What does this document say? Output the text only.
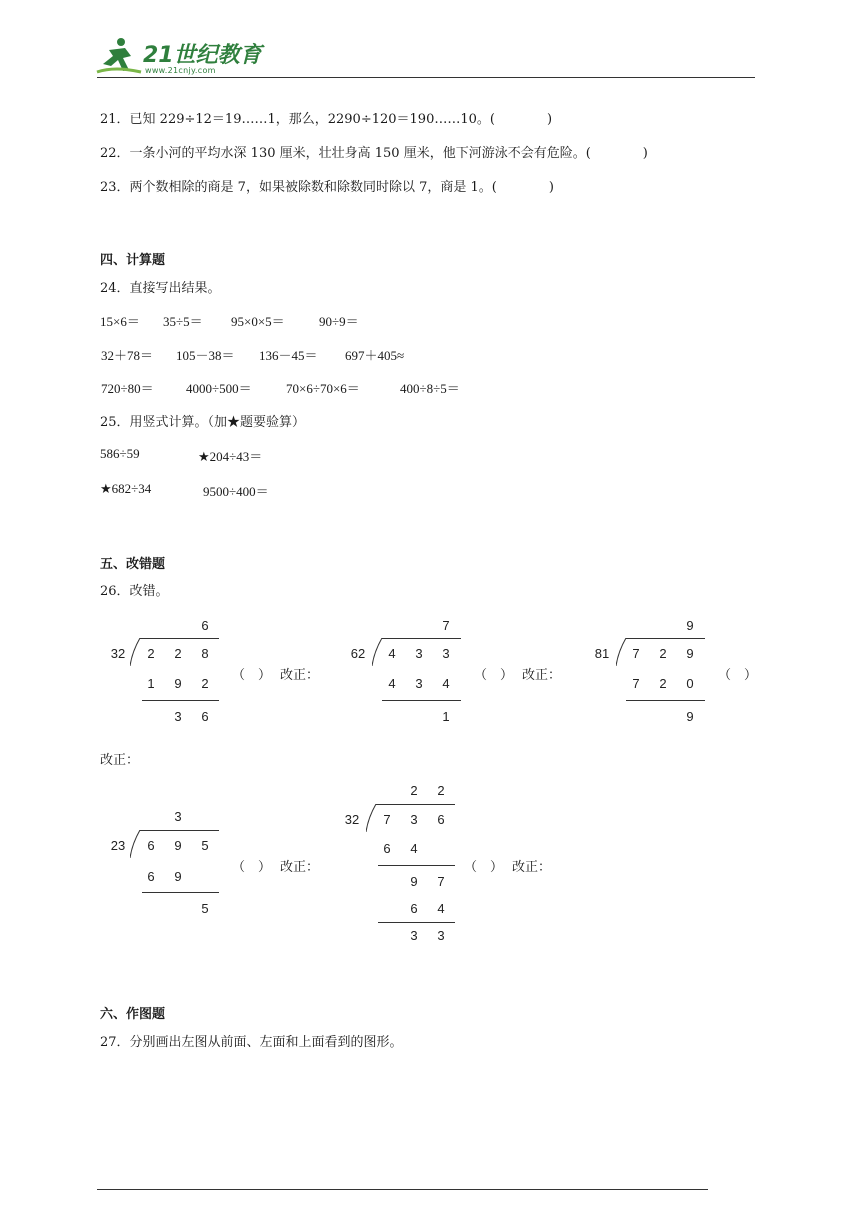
21世纪教育
www.21cnjy.com
21．已知 229÷12＝19……1，那么，2290÷120＝190……10。(　　　　)
22．一条小河的平均水深 130 厘米，壮壮身高 150 厘米，他下河游泳不会有危险。(　　　　)
23．两个数相除的商是 7，如果被除数和除数同时除以 7，商是 1。(　　　　)
四、计算题
24．直接写出结果。
15×6＝ 35÷5＝ 95×0×5＝	90÷9＝
32＋78＝ 105－38＝ 136－45＝ 697＋405≈
720÷80＝ 4000÷500＝	70×6÷70×6＝	400÷8÷5＝
25．用竖式计算。（加★题要验算）
586÷59	★204÷43＝
★682÷34	9500÷400＝
五、改错题
26．改错。
6
32	2	2	8
1	9	2
3	6
（　） 改正：
7
62	4	3	3
4	3	4
1
（　） 改正：
9
81	7	2	9
7	2	0
9
（　）
改正：
3
23	6	9	5
6	9
5
（　） 改正：
2	2
32	7	3	6
6	4
9	7
6	4
3	3
（　） 改正：
六、作图题
27．分别画出左图从前面、左面和上面看到的图形。
